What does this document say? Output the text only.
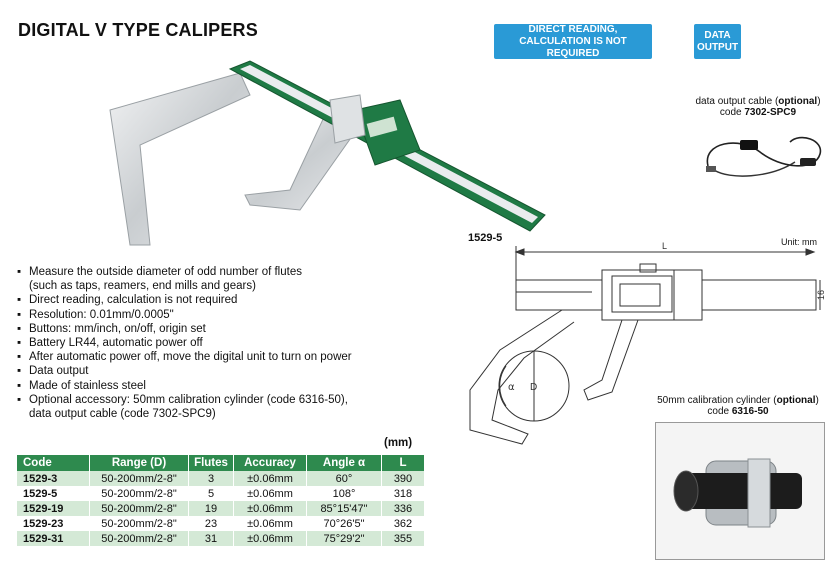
DIGITAL V TYPE CALIPERS	DIRECT READING,
CALCULATION IS NOT REQUIRED
DATA
OUTPUT
data output cable (optional)
code 7302-SPC9
1529-5	Unit: mm
L
16
α D
▪ Measure the outside diameter of odd number of flutes
(such as taps, reamers, end mills and gears)
▪ Direct reading, calculation is not required
▪ Resolution: 0.01mm/0.0005"
▪ Buttons: mm/inch, on/off, origin set
▪ Battery LR44, automatic power off
▪ After automatic power off, move the digital unit to turn on power
▪ Data output
▪ Made of stainless steel
▪ Optional accessory: 50mm calibration cylinder (code 6316-50),
data output cable (code 7302-SPC9)
(mm)
Code	Range (D)	Flutes	Accuracy	Angle α	L
1529-3	50-200mm/2-8"	3	±0.06mm	60°	390
1529-5	50-200mm/2-8"	5	±0.06mm	108°	318
1529-19	50-200mm/2-8"	19	±0.06mm	85°15'47"	336
1529-23	50-200mm/2-8"	23	±0.06mm	70°26'5"	362
1529-31	50-200mm/2-8"	31	±0.06mm	75°29'2"	355
50mm calibration cylinder (optional)
code 6316-50
